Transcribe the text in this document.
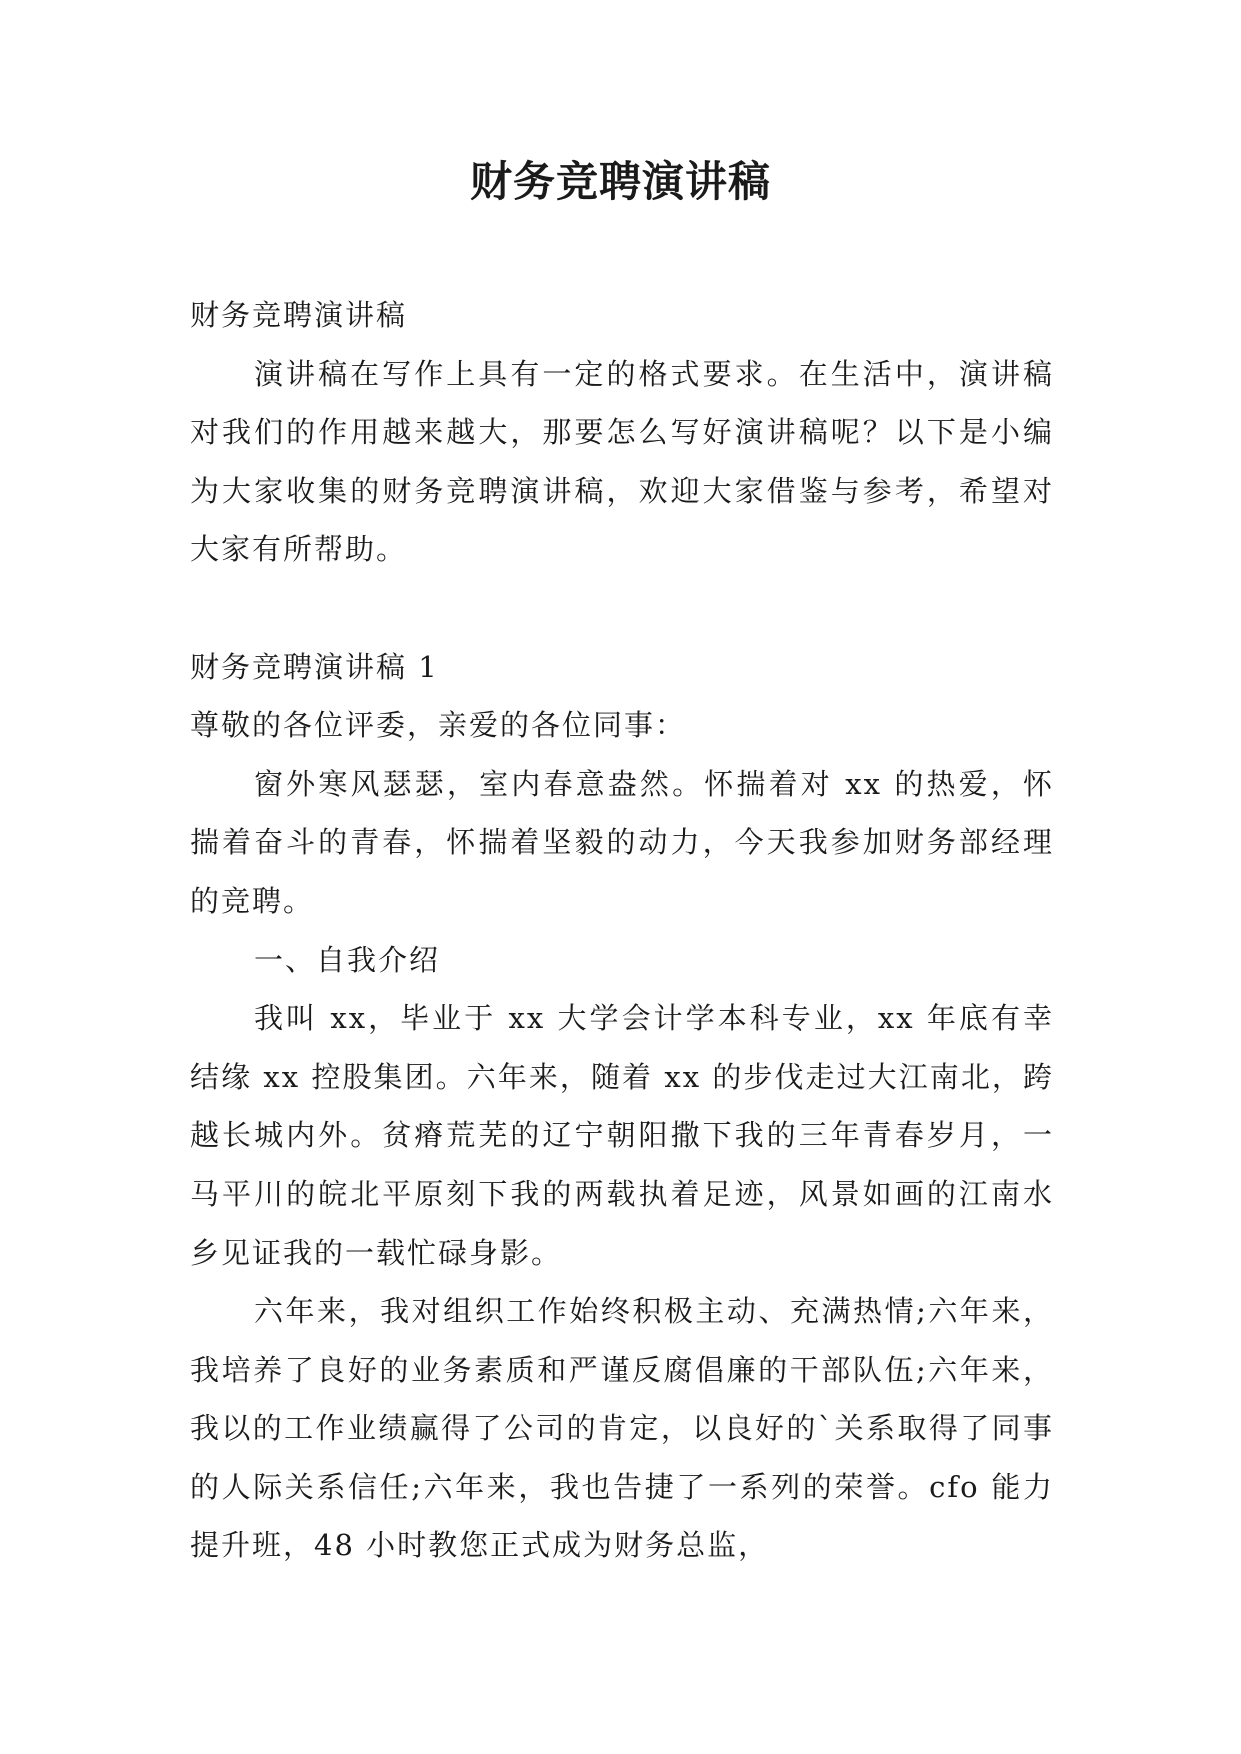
财务竞聘演讲稿

财务竞聘演讲稿

演讲稿在写作上具有一定的格式要求。在生活中，演讲稿对我们的作用越来越大，那要怎么写好演讲稿呢？以下是小编为大家收集的财务竞聘演讲稿，欢迎大家借鉴与参考，希望对大家有所帮助。

财务竞聘演讲稿 1

尊敬的各位评委，亲爱的各位同事：

窗外寒风瑟瑟，室内春意盎然。怀揣着对 xx 的热爱，怀揣着奋斗的青春，怀揣着坚毅的动力，今天我参加财务部经理的竞聘。

一、自我介绍

我叫 xx，毕业于 xx 大学会计学本科专业，xx 年底有幸结缘 xx 控股集团。六年来，随着 xx 的步伐走过大江南北，跨越长城内外。贫瘠荒芜的辽宁朝阳撒下我的三年青春岁月，一马平川的皖北平原刻下我的两载执着足迹，风景如画的江南水乡见证我的一载忙碌身影。

六年来，我对组织工作始终积极主动、充满热情;六年来，我培养了良好的业务素质和严谨反腐倡廉的干部队伍;六年来，我以的工作业绩赢得了公司的肯定，以良好的`关系取得了同事的人际关系信任;六年来，我也告捷了一系列的荣誉。cfo 能力提升班，48 小时教您正式成为财务总监，
